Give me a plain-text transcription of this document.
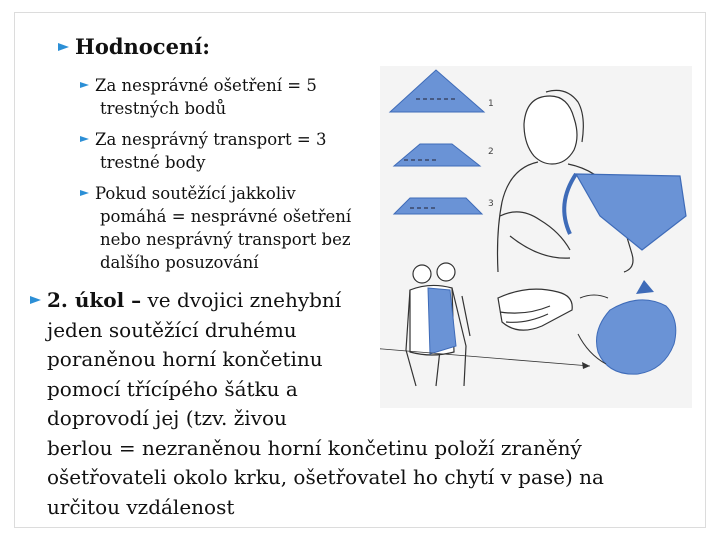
Hodnocení:
Za nesprávné ošetření = 5
trestných bodů
Za nesprávný transport = 3
trestné body
Pokud soutěžící jakkoliv
pomáhá = nesprávné ošetření
nebo nesprávný transport bez
dalšího posuzování
1
2
3
2. úkol – ve dvojici znehybní
jeden soutěžící druhému
poraněnou horní končetinu
pomocí třícípého šátku a
doprovodí jej (tzv. živou
berlou = nezraněnou horní končetinu položí zraněný
ošetřovateli okolo krku, ošetřovatel ho chytí v pase) na
určitou vzdálenost
